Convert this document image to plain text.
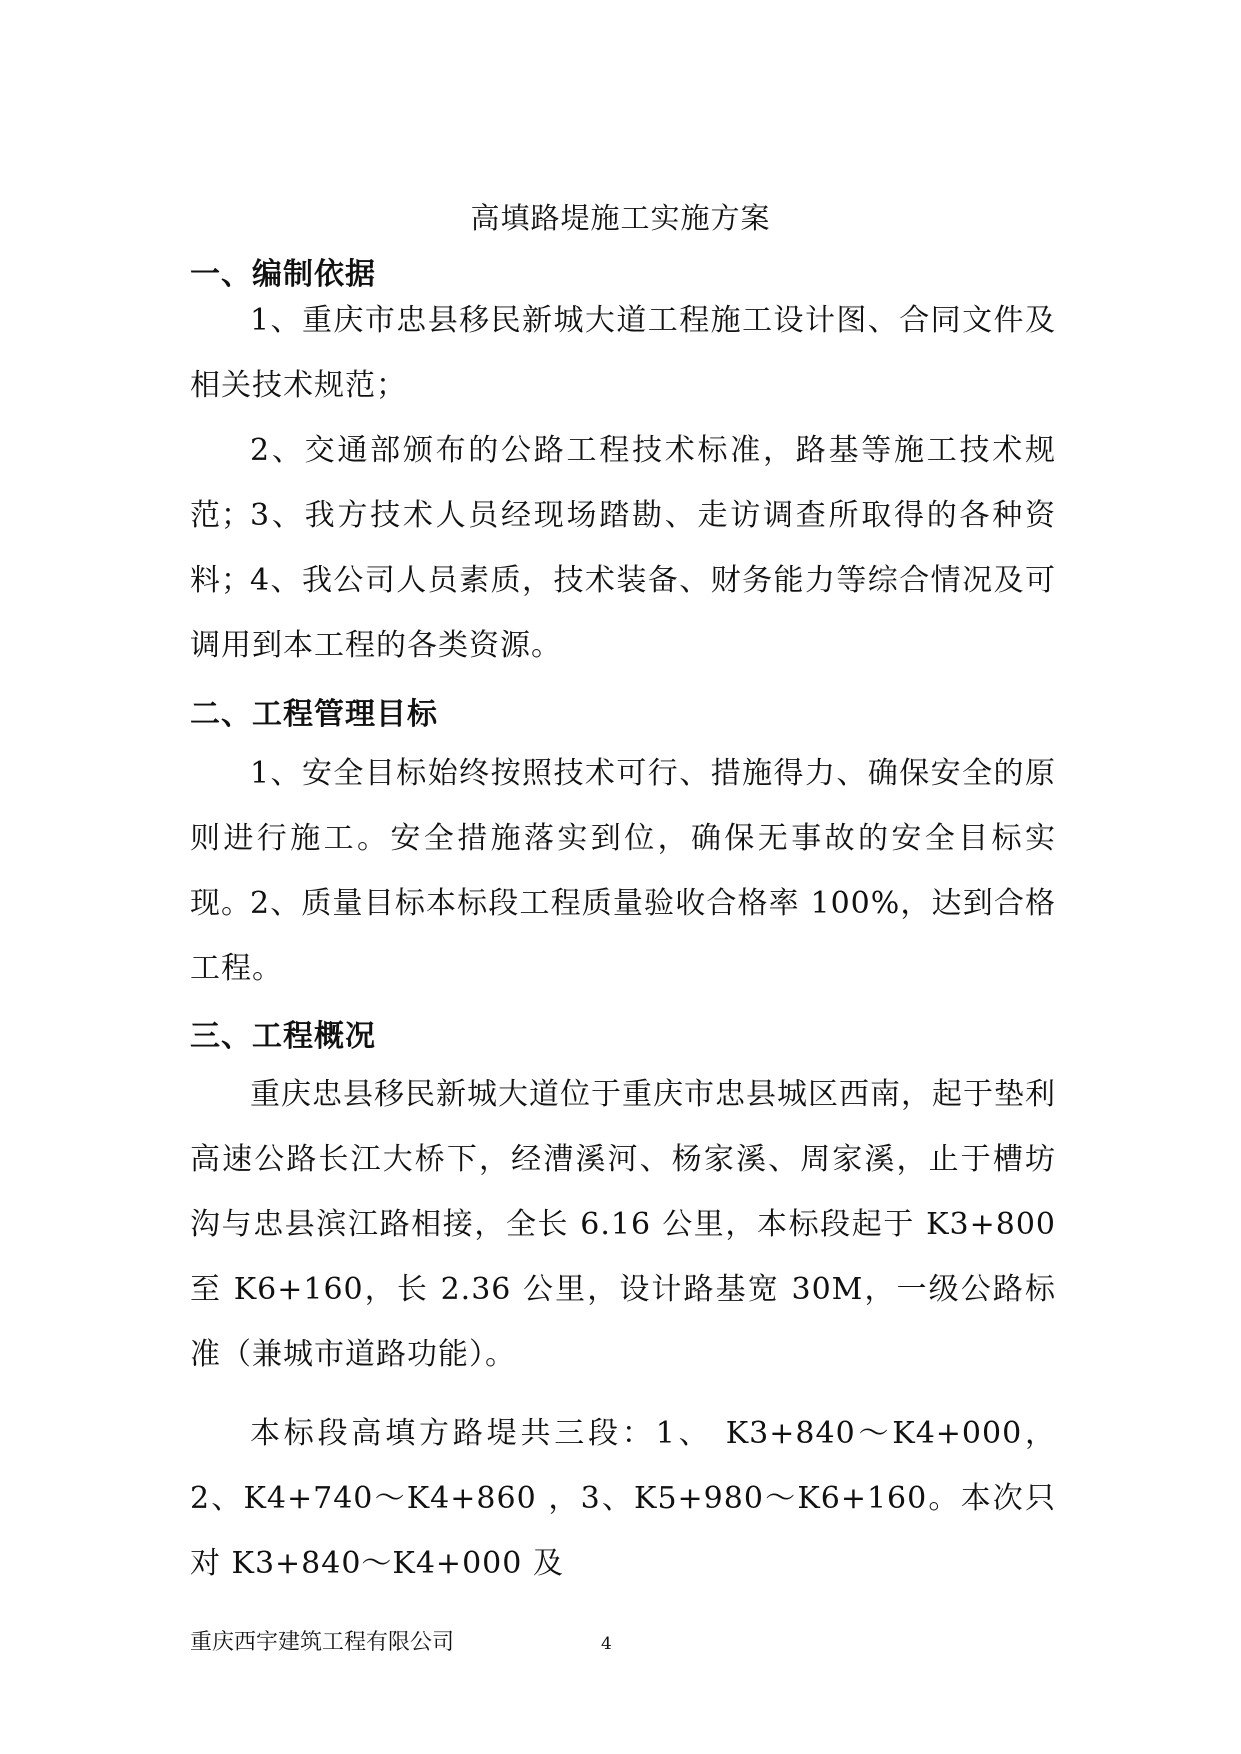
高填路堤施工实施方案
一、编制依据
1、重庆市忠县移民新城大道工程施工设计图、合同文件及相关技术规范；
2、交通部颁布的公路工程技术标准，路基等施工技术规范；
3、我方技术人员经现场踏勘、走访调查所取得的各种资料；
4、我公司人员素质，技术装备、财务能力等综合情况及可调用到本工程的各类资源。
二、工程管理目标
1、安全目标始终按照技术可行、措施得力、确保安全的原则进行施工。安全措施落实到位，确保无事故的安全目标实现。
2、质量目标本标段工程质量验收合格率 100%，达到合格工程。
三、工程概况
重庆忠县移民新城大道位于重庆市忠县城区西南，起于垫利高速公路长江大桥下，经漕溪河、杨家溪、周家溪，止于槽坊沟与忠县滨江路相接，全长 6.16 公里，本标段起于 K3+800 至 K6+160，长 2.36 公里，设计路基宽 30M，一级公路标准（兼城市道路功能）。
本标段高填方路堤共三段：1、 K3+840～K4+000，2、K4+740～K4+860 ，3、K5+980～K6+160。本次只对 K3+840～K4+000 及
重庆西宇建筑工程有限公司	4
